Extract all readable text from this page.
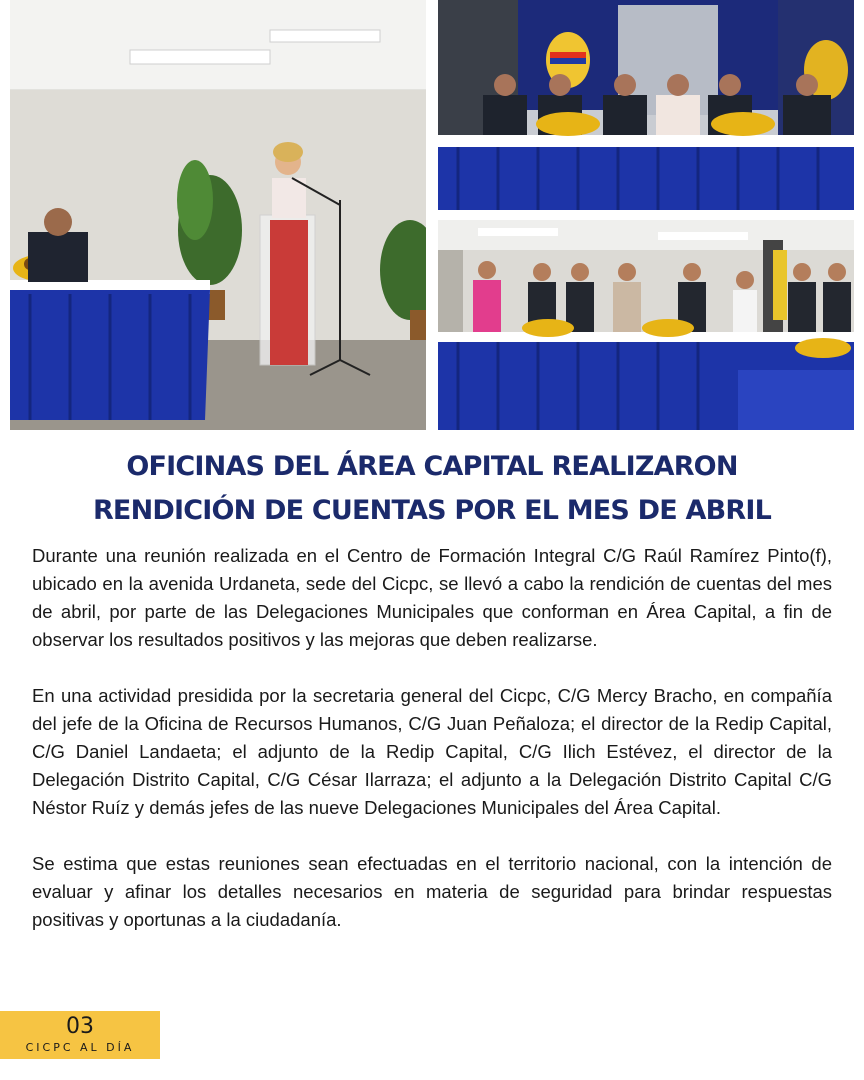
OFICINAS DEL ÁREA CAPITAL REALIZARON
RENDICIÓN DE CUENTAS POR EL MES DE ABRIL

Durante una reunión realizada en el Centro de Formación Integral C/G Raúl Ramírez Pinto(f), ubicado en la avenida Urdaneta, sede del Cicpc, se llevó a cabo la rendición de cuentas del mes de abril, por parte de las Delegaciones Municipales que conforman en Área Capital, a fin de observar los resultados positivos y las mejoras que deben realizarse.

En una actividad presidida por la secretaria general del Cicpc, C/G Mercy Bracho, en compañía del jefe de la Oficina de Recursos Humanos, C/G Juan Peñaloza; el director de la Redip Capital, C/G Daniel Landaeta; el adjunto de la Redip Capital, C/G Ilich Estévez, el director de la Delegación Distrito Capital, C/G César Ilarraza; el adjunto a la Delegación Distrito Capital C/G Néstor Ruíz y demás jefes de las nueve Delegaciones Municipales del Área Capital.

Se estima que estas reuniones sean efectuadas en el territorio nacional, con la intención de evaluar y afinar los detalles necesarios en materia de seguridad para brindar respuestas positivas y oportunas a la ciudadanía.

03
CICPC AL DÍA
